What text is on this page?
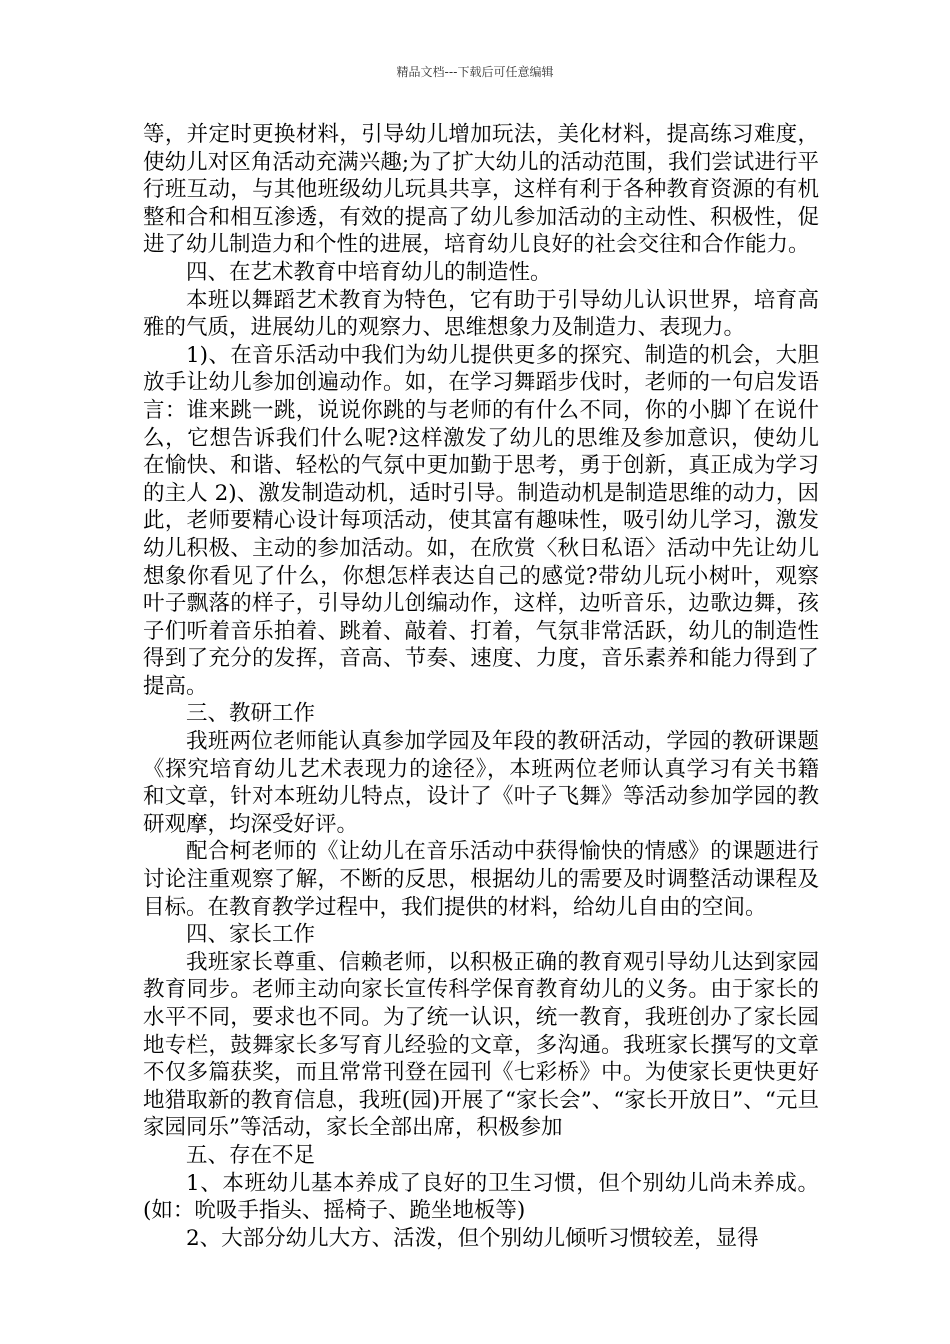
精品文档---下载后可任意编辑

等，并定时更换材料，引导幼儿增加玩法，美化材料，提高练习难度，使幼儿对区角活动充满兴趣;为了扩大幼儿的活动范围，我们尝试进行平行班互动，与其他班级幼儿玩具共享，这样有利于各种教育资源的有机整和合和相互渗透，有效的提高了幼儿参加活动的主动性、积极性，促进了幼儿制造力和个性的进展，培育幼儿良好的社会交往和合作能力。

四、在艺术教育中培育幼儿的制造性。

本班以舞蹈艺术教育为特色，它有助于引导幼儿认识世界，培育高雅的气质，进展幼儿的观察力、思维想象力及制造力、表现力。

1)、在音乐活动中我们为幼儿提供更多的探究、制造的机会，大胆放手让幼儿参加创遍动作。如，在学习舞蹈步伐时，老师的一句启发语言：谁来跳一跳，说说你跳的与老师的有什么不同，你的小脚丫在说什么，它想告诉我们什么呢?这样激发了幼儿的思维及参加意识，使幼儿在愉快、和谐、轻松的气氛中更加勤于思考，勇于创新，真正成为学习的主人 2)、激发制造动机，适时引导。制造动机是制造思维的动力，因此，老师要精心设计每项活动，使其富有趣味性，吸引幼儿学习，激发幼儿积极、主动的参加活动。如，在欣赏〈秋日私语〉活动中先让幼儿想象你看见了什么，你想怎样表达自己的感觉?带幼儿玩小树叶，观察叶子飘落的样子，引导幼儿创编动作，这样，边听音乐，边歌边舞，孩子们听着音乐拍着、跳着、敲着、打着，气氛非常活跃，幼儿的制造性得到了充分的发挥，音高、节奏、速度、力度，音乐素养和能力得到了提高。

三、教研工作

我班两位老师能认真参加学园及年段的教研活动，学园的教研课题《探究培育幼儿艺术表现力的途径》，本班两位老师认真学习有关书籍和文章，针对本班幼儿特点，设计了《叶子飞舞》等活动参加学园的教研观摩，均深受好评。

配合柯老师的《让幼儿在音乐活动中获得愉快的情感》的课题进行讨论注重观察了解，不断的反思，根据幼儿的需要及时调整活动课程及目标。在教育教学过程中，我们提供的材料，给幼儿自由的空间。

四、家长工作

我班家长尊重、信赖老师，以积极正确的教育观引导幼儿达到家园教育同步。老师主动向家长宣传科学保育教育幼儿的义务。由于家长的水平不同，要求也不同。为了统一认识，统一教育，我班创办了家长园地专栏，鼓舞家长多写育儿经验的文章，多沟通。我班家长撰写的文章不仅多篇获奖，而且常常刊登在园刊《七彩桥》中。为使家长更快更好地猎取新的教育信息，我班(园)开展了“家长会”、“家长开放日”、“元旦家园同乐”等活动，家长全部出席，积极参加

五、存在不足

1、本班幼儿基本养成了良好的卫生习惯，但个别幼儿尚未养成。(如：吮吸手指头、摇椅子、跪坐地板等)

2、大部分幼儿大方、活泼，但个别幼儿倾听习惯较差，显得
